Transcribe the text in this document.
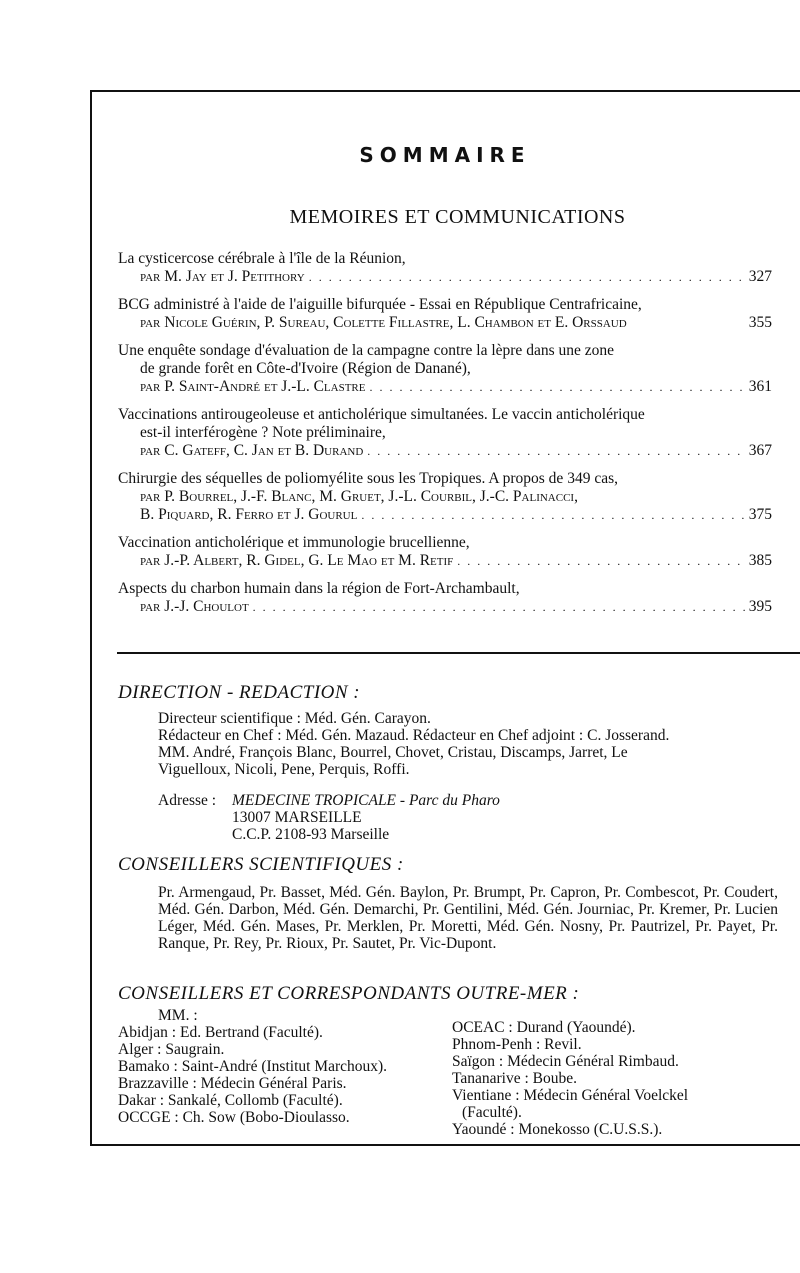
SOMMAIRE
MEMOIRES ET COMMUNICATIONS
La cysticercose cérébrale à l'île de la Réunion,
par M. Jay et J. Petithory . . .	327
BCG administré à l'aide de l'aiguille bifurquée - Essai en République Centrafricaine,
par Nicole Guérin, P. Sureau, Colette Fillastre, L. Chambon et E. Orssaud	355
Une enquête sondage d'évaluation de la campagne contre la lèpre dans une zone
de grande forêt en Côte-d'Ivoire (Région de Danané),
par P. Saint-André et J.-L. Clastre . . .	361
Vaccinations antirougeoleuse et anticholérique simultanées. Le vaccin anticholérique
est-il interférogène ? Note préliminaire,
par C. Gateff, C. Jan et B. Durand . . .	367
Chirurgie des séquelles de poliomyélite sous les Tropiques. A propos de 349 cas,
par P. Bourrel, J.-F. Blanc, M. Gruet, J.-L. Courbil, J.-C. Palinacci,
B. Piquard, R. Ferro et J. Gourul . . .	375
Vaccination anticholérique et immunologie brucellienne,
par J.-P. Albert, R. Gidel, G. Le Mao et M. Retif . . .	385
Aspects du charbon humain dans la région de Fort-Archambault,
par J.-J. Choulot . . .	395
DIRECTION - REDACTION :
Directeur scientifique : Méd. Gén. Carayon.
Rédacteur en Chef : Méd. Gén. Mazaud. Rédacteur en Chef adjoint : C. Josserand.
MM. André, François Blanc, Bourrel, Chovet, Cristau, Discamps, Jarret, Le
Viguelloux, Nicoli, Pene, Perquis, Roffi.
Adresse :	MEDECINE TROPICALE - Parc du Pharo
13007 MARSEILLE
C.C.P. 2108-93 Marseille
CONSEILLERS SCIENTIFIQUES :
Pr. Armengaud, Pr. Basset, Méd. Gén. Baylon, Pr. Brumpt, Pr. Capron, Pr. Combescot, Pr. Coudert, Méd. Gén. Darbon, Méd. Gén. Demarchi, Pr. Gentilini, Méd. Gén. Journiac, Pr. Kremer, Pr. Lucien Léger, Méd. Gén. Mases, Pr. Merklen, Pr. Moretti, Méd. Gén. Nosny, Pr. Pautrizel, Pr. Payet, Pr. Ranque, Pr. Rey, Pr. Rioux, Pr. Sautet, Pr. Vic-Dupont.
CONSEILLERS ET CORRESPONDANTS OUTRE-MER :
MM. :
Abidjan : Ed. Bertrand (Faculté).
Alger : Saugrain.
Bamako : Saint-André (Institut Marchoux).
Brazzaville : Médecin Général Paris.
Dakar : Sankalé, Collomb (Faculté).
OCCGE : Ch. Sow (Bobo-Dioulasso.
OCEAC : Durand (Yaoundé).
Phnom-Penh : Revil.
Saïgon : Médecin Général Rimbaud.
Tananarive : Boube.
Vientiane : Médecin Général Voelckel
(Faculté).
Yaoundé : Monekosso (C.U.S.S.).
